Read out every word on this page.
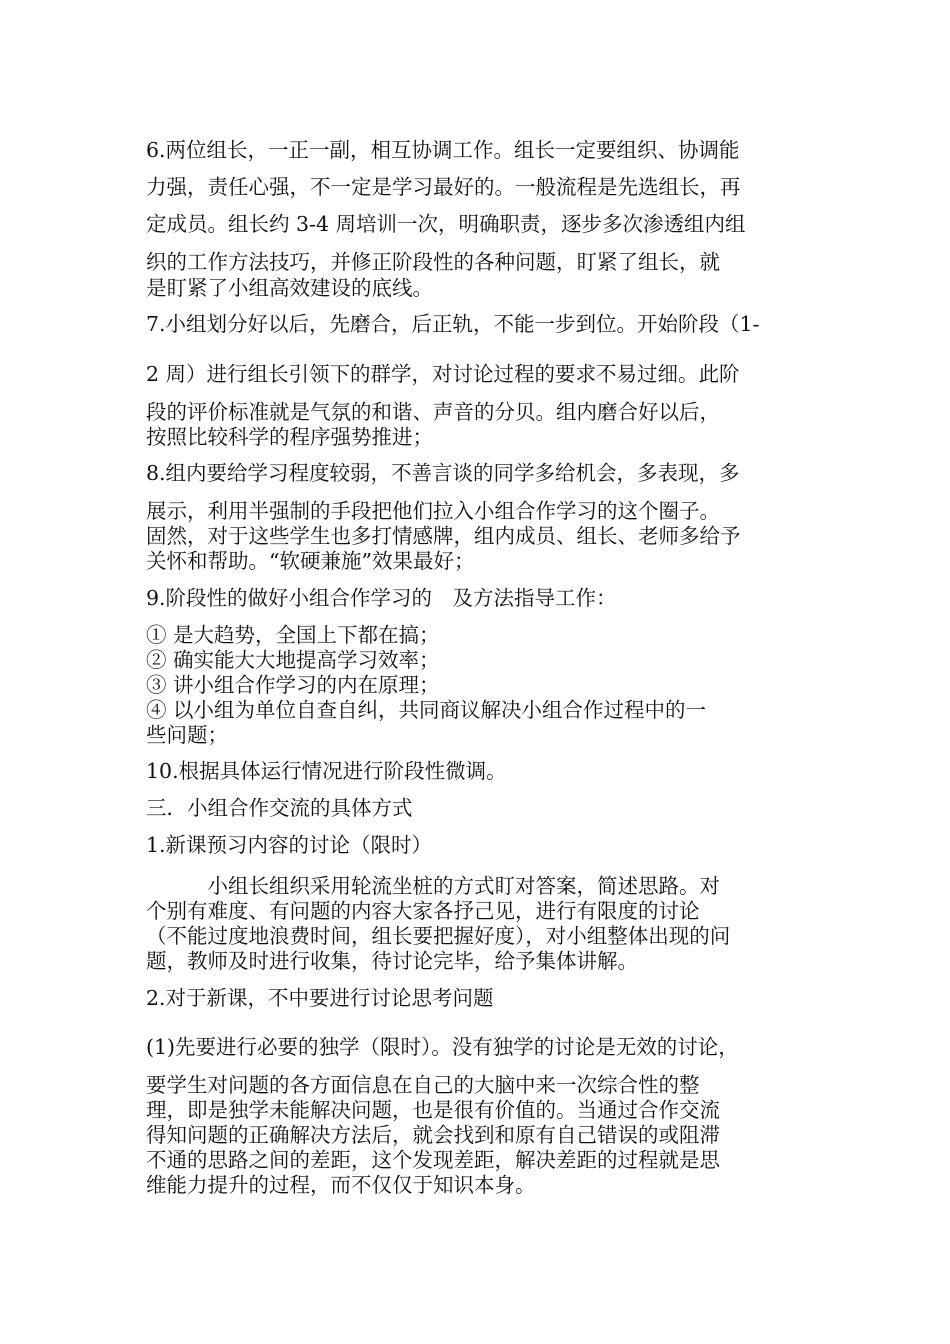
6.两位组长，一正一副，相互协调工作。组长一定要组织、协调能

力强，责任心强，不一定是学习最好的。一般流程是先选组长，再

定成员。组长约 3-4 周培训一次，明确职责，逐步多次渗透组内组

织的工作方法技巧，并修正阶段性的各种问题，盯紧了组长，就

是盯紧了小组高效建设的底线。

7.小组划分好以后，先磨合，后正轨，不能一步到位。开始阶段（1-

2 周）进行组长引领下的群学，对讨论过程的要求不易过细。此阶

段的评价标准就是气氛的和谐、声音的分贝。组内磨合好以后，

按照比较科学的程序强势推进；

8.组内要给学习程度较弱，不善言谈的同学多给机会，多表现，多

展示，利用半强制的手段把他们拉入小组合作学习的这个圈子。

固然，对于这些学生也多打情感牌，组内成员、组长、老师多给予

关怀和帮助。“软硬兼施”效果最好；

9.阶段性的做好小组合作学习的　及方法指导工作：

① 是大趋势，全国上下都在搞；

② 确实能大大地提高学习效率；

③ 讲小组合作学习的内在原理；

④ 以小组为单位自查自纠，共同商议解决小组合作过程中的一

些问题；

10.根据具体运行情况进行阶段性微调。

三．小组合作交流的具体方式

1.新课预习内容的讨论（限时）

　　　小组长组织采用轮流坐桩的方式盯对答案，简述思路。对

个别有难度、有问题的内容大家各抒己见，进行有限度的讨论

（不能过度地浪费时间，组长要把握好度），对小组整体出现的问

题，教师及时进行收集，待讨论完毕，给予集体讲解。

2.对于新课，不中要进行讨论思考问题

(1)先要进行必要的独学（限时）。没有独学的讨论是无效的讨论，

要学生对问题的各方面信息在自己的大脑中来一次综合性的整

理，即是独学未能解决问题，也是很有价值的。当通过合作交流

得知问题的正确解决方法后，就会找到和原有自己错误的或阻滞

不通的思路之间的差距，这个发现差距，解决差距的过程就是思

维能力提升的过程，而不仅仅于知识本身。
